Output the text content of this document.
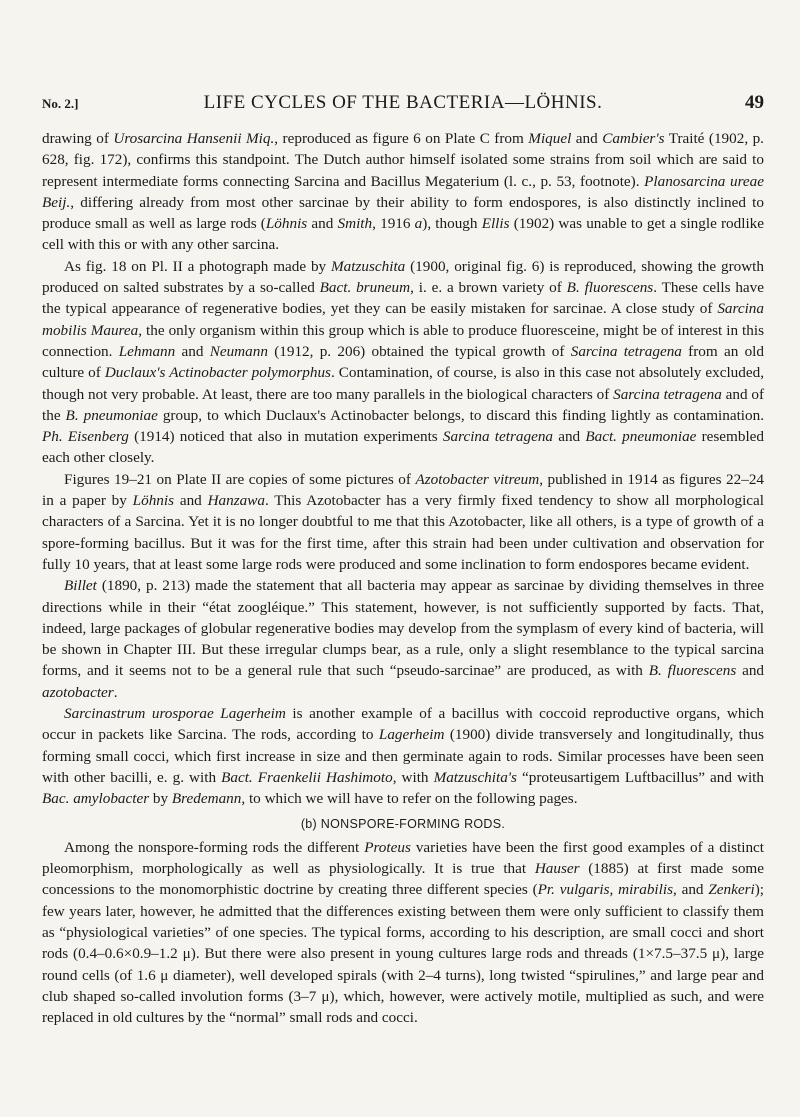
No. 2.]	LIFE CYCLES OF THE BACTERIA—LÖHNIS.	49

drawing of Urosarcina Hansenii Miq., reproduced as figure 6 on Plate C from Miquel and Cambier's Traité (1902, p. 628, fig. 172), confirms this standpoint. The Dutch author himself isolated some strains from soil which are said to represent intermediate forms connecting Sarcina and Bacillus Megaterium (l. c., p. 53, footnote). Planosarcina ureae Beij., differing already from most other sarcinae by their ability to form endospores, is also distinctly inclined to produce small as well as large rods (Löhnis and Smith, 1916 a), though Ellis (1902) was unable to get a single rodlike cell with this or with any other sarcina.

As fig. 18 on Pl. II a photograph made by Matzuschita (1900, original fig. 6) is reproduced, showing the growth produced on salted substrates by a so-called Bact. bruneum, i. e. a brown variety of B. fluorescens. These cells have the typical appearance of regenerative bodies, yet they can be easily mistaken for sarcinae. A close study of Sarcina mobilis Maurea, the only organism within this group which is able to produce fluoresceine, might be of interest in this connection. Lehmann and Neumann (1912, p. 206) obtained the typical growth of Sarcina tetragena from an old culture of Duclaux's Actinobacter polymorphus. Contamination, of course, is also in this case not absolutely excluded, though not very probable. At least, there are too many parallels in the biological characters of Sarcina tetragena and of the B. pneumoniae group, to which Duclaux's Actinobacter belongs, to discard this finding lightly as contamination. Ph. Eisenberg (1914) noticed that also in mutation experiments Sarcina tetragena and Bact. pneumoniae resembled each other closely.

Figures 19–21 on Plate II are copies of some pictures of Azotobacter vitreum, published in 1914 as figures 22–24 in a paper by Löhnis and Hanzawa. This Azotobacter has a very firmly fixed tendency to show all morphological characters of a Sarcina. Yet it is no longer doubtful to me that this Azotobacter, like all others, is a type of growth of a spore-forming bacillus. But it was for the first time, after this strain had been under cultivation and observation for fully 10 years, that at least some large rods were produced and some inclination to form endospores became evident.

Billet (1890, p. 213) made the statement that all bacteria may appear as sarcinae by dividing themselves in three directions while in their “état zoogléique.” This statement, however, is not sufficiently supported by facts. That, indeed, large packages of globular regenerative bodies may develop from the symplasm of every kind of bacteria, will be shown in Chapter III. But these irregular clumps bear, as a rule, only a slight resemblance to the typical sarcina forms, and it seems not to be a general rule that such “pseudo-sarcinae” are produced, as with B. fluorescens and azotobacter.

Sarcinastrum urosporae Lagerheim is another example of a bacillus with coccoid reproductive organs, which occur in packets like Sarcina. The rods, according to Lagerheim (1900) divide transversely and longitudinally, thus forming small cocci, which first increase in size and then germinate again to rods. Similar processes have been seen with other bacilli, e. g. with Bact. Fraenkelii Hashimoto, with Matzuschita's “proteusartigem Luftbacillus” and with Bac. amylobacter by Bredemann, to which we will have to refer on the following pages.

(b) NONSPORE-FORMING RODS.

Among the nonspore-forming rods the different Proteus varieties have been the first good examples of a distinct pleomorphism, morphologically as well as physiologically. It is true that Hauser (1885) at first made some concessions to the monomorphistic doctrine by creating three different species (Pr. vulgaris, mirabilis, and Zenkeri); few years later, however, he admitted that the differences existing between them were only sufficient to classify them as “physiological varieties” of one species. The typical forms, according to his description, are small cocci and short rods (0.4–0.6×0.9–1.2 μ). But there were also present in young cultures large rods and threads (1×7.5–37.5 μ), large round cells (of 1.6 μ diameter), well developed spirals (with 2–4 turns), long twisted “spirulines,” and large pear and club shaped so-called involution forms (3–7 μ), which, however, were actively motile, multiplied as such, and were replaced in old cultures by the “normal” small rods and cocci.
